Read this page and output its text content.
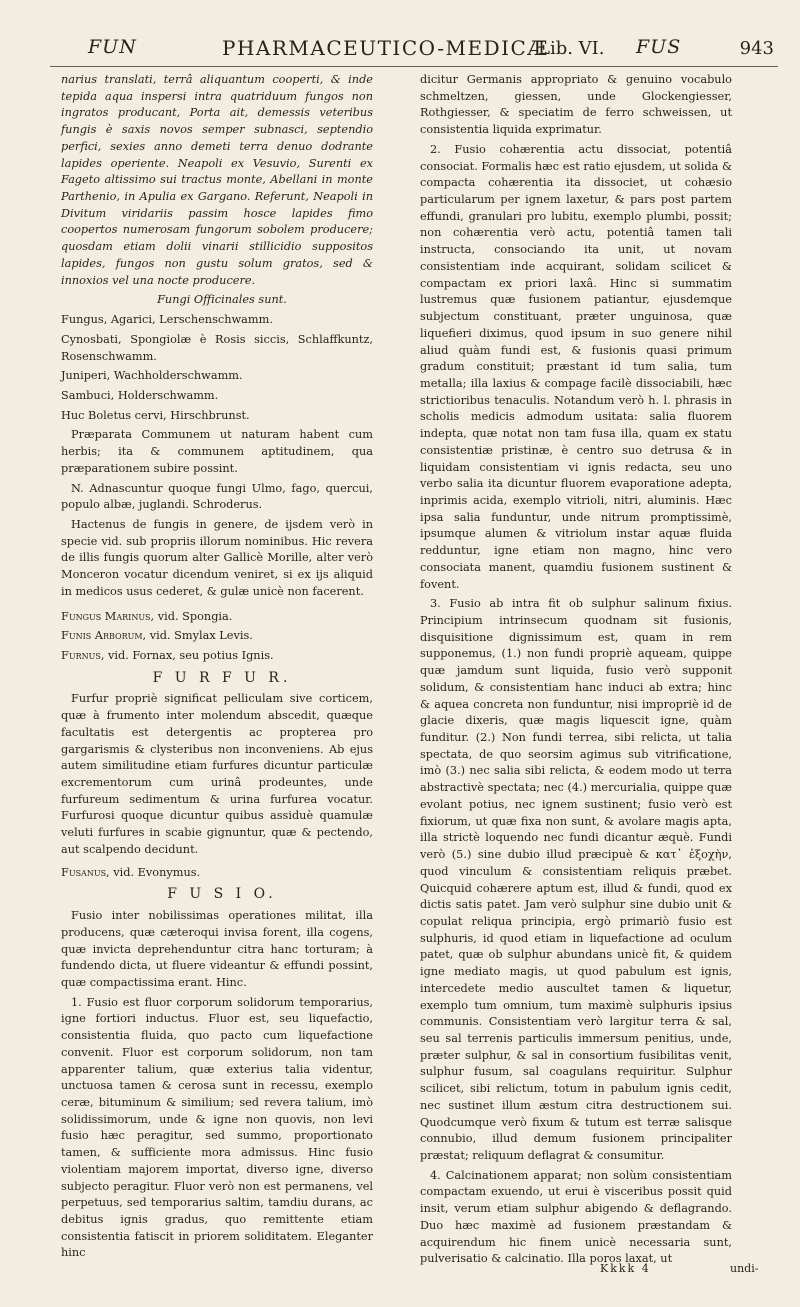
FUN	PHARMACEUTICO-MEDICÆ
Lib. VI. FUS	943

narius translati, terrâ aliquantum cooperti, & inde tepida aqua inspersi intra quatriduum fungos non ingratos producant, Porta ait, demessis veteribus fungis è saxis novos semper subnasci, septendio perfici, sexies anno demeti terra denuo dodrante lapides operiente. Neapoli ex Vesuvio, Surenti ex Fageto altissimo sui tractus monte, Abellani in monte Parthenio, in Apulia ex Gargano. Referunt, Neapoli in Divitum viridariis passim hosce lapides fimo coopertos numerosam fungorum sobolem producere; quosdam etiam dolii vinarii stillicidio suppositos lapides, fungos non gustu solum gratos, sed & innoxios vel una nocte producere.

Fungi Officinales sunt.

Fungus, Agarici, Lerschenschwamm.

Cynosbati, Spongiolæ è Rosis siccis, Schlaffkuntz, Rosenschwamm.

Juniperi, Wachholderschwamm.

Sambuci, Holderschwamm.

Huc Boletus cervi, Hirschbrunst.

Præparata Communem ut naturam habent cum herbis; ita & communem aptitudinem, qua præparationem subire possint.

N. Adnascuntur quoque fungi Ulmo, fago, quercui, populo albæ, juglandi. Schroderus.

Hactenus de fungis in genere, de ijsdem verò in specie vid. sub propriis illorum nominibus. Hic revera de illis fungis quorum alter Gallicè Morille, alter verò Monceron vocatur dicendum veniret, si ex ijs aliquid in medicos usus cederet, & gulæ unicè non facerent.

Fungus Marinus, vid. Spongia.

Funis Arborum, vid. Smylax Levis.

Furnus, vid. Fornax, seu potius Ignis.

F U R F U R.

Furfur propriè significat pelliculam sive corticem, quæ à frumento inter molendum abscedit, quæque facultatis est detergentis ac propterea pro gargarismis & clysteribus non inconveniens. Ab ejus autem similitudine etiam furfures dicuntur particulæ excrementorum cum urinâ prodeuntes, unde furfureum sedimentum & urina furfurea vocatur. Furfurosi quoque dicuntur quibus assiduè quamulæ veluti furfures in scabie gignuntur, quæ & pectendo, aut scalpendo decidunt.

Fusanus, vid. Evonymus.

F U S I O.

Fusio inter nobilissimas operationes militat, illa producens, quæ cæteroqui invisa forent, illa cogens, quæ invicta deprehenduntur citra hanc torturam; à fundendo dicta, ut fluere videantur & effundi possint, quæ compactissima erant. Hinc.

1. Fusio est fluor corporum solidorum temporarius, igne fortiori inductus. Fluor est, seu liquefactio, consistentia fluida, quo pacto cum liquefactione convenit. Fluor est corporum solidorum, non tam apparenter talium, quæ exterius talia videntur, unctuosa tamen & cerosa sunt in recessu, exemplo ceræ, bituminum & similium; sed revera talium, imò solidissimorum, unde & igne non quovis, non levi fusio hæc peragitur, sed summo, proportionato tamen, & sufficiente mora admissus. Hinc fusio violentiam majorem importat, diverso igne, diverso subjecto peragitur. Fluor verò non est permanens, vel perpetuus, sed temporarius saltim, tamdiu durans, ac debitus ignis gradus, quo remittente etiam consistentia fatiscit in priorem soliditatem. Eleganter hinc

dicitur Germanis appropriato & genuino vocabulo schmeltzen, giessen, unde Glockengiesser, Rothgiesser, & speciatim de ferro schweissen, ut consistentia liquida exprimatur.

2. Fusio cohærentia actu dissociat, potentiâ consociat. Formalis hæc est ratio ejusdem, ut solida & compacta cohærentia ita dissociet, ut cohæsio particularum per ignem laxetur, & pars post partem effundi, granulari pro lubitu, exemplo plumbi, possit; non cohærentia verò actu, potentiâ tamen tali instructa, consociando ita unit, ut novam consistentiam inde acquirant, solidam scilicet & compactam ex priori laxâ. Hinc si summatim lustremus quæ fusionem patiantur, ejusdemque subjectum constituant, præter unguinosa, quæ liquefieri diximus, quod ipsum in suo genere nihil aliud quàm fundi est, & fusionis quasi primum gradum constituit; præstant id tum salia, tum metalla; illa laxius & compage facilè dissociabili, hæc strictioribus tenaculis. Notandum verò h. l. phrasis in scholis medicis admodum usitata: salia fluorem indepta, quæ notat non tam fusa illa, quam ex statu consistentiæ pristinæ, è centro suo detrusa & in liquidam consistentiam vi ignis redacta, seu uno verbo salia ita dicuntur fluorem evaporatione adepta, inprimis acida, exemplo vitrioli, nitri, aluminis. Hæc ipsa salia funduntur, unde nitrum promptissimè, ipsumque alumen & vitriolum instar aquæ fluida redduntur, igne etiam non magno, hinc vero consociata manent, quamdiu fusionem sustinent & fovent.

3. Fusio ab intra fit ob sulphur salinum fixius. Principium intrinsecum quodnam sit fusionis, disquisitione dignissimum est, quam in rem supponemus, (1.) non fundi propriè aqueam, quippe quæ jamdum sunt liquida, fusio verò supponit solidum, & consistentiam hanc induci ab extra; hinc & aquea concreta non funduntur, nisi impropriè id de glacie dixeris, quæ magis liquescit igne, quàm funditur. (2.) Non fundi terrea, sibi relicta, ut talia spectata, de quo seorsim agimus sub vitrificatione, imò (3.) nec salia sibi relicta, & eodem modo ut terra abstractivè spectata; nec (4.) mercurialia, quippe quæ evolant potius, nec ignem sustinent; fusio verò est fixiorum, ut quæ fixa non sunt, & avolare magis apta, illa strictè loquendo nec fundi dicantur æquè. Fundi verò (5.) sine dubio illud præcipuè & κατ᾽ ἐξοχὴν, quod vinculum & consistentiam reliquis præbet. Quicquid cohærere aptum est, illud & fundi, quod ex dictis satis patet. Jam verò sulphur sine dubio unit & copulat reliqua principia, ergò primariò fusio est sulphuris, id quod etiam in liquefactione ad oculum patet, quæ ob sulphur abundans unicè fit, & quidem igne mediato magis, ut quod pabulum est ignis, intercedete medio auscultet tamen & liquetur, exemplo tum omnium, tum maximè sulphuris ipsius communis. Consistentiam verò largitur terra & sal, seu sal terrenis particulis immersum penitius, unde, præter sulphur, & sal in consortium fusibilitas venit, sulphur fusum, sal coagulans requiritur. Sulphur scilicet, sibi relictum, totum in pabulum ignis cedit, nec sustinet illum æstum citra destructionem sui. Quodcumque verò fixum & tutum est terræ salisque connubio, illud demum fusionem principaliter præstat; reliquum deflagrat & consumitur.

4. Calcinationem apparat; non solùm consistentiam compactam exuendo, ut erui è visceribus possit quid insit, verum etiam sulphur abigendo & deflagrando. Duo hæc maximè ad fusionem præstandam & acquirendum hic finem unicè necessaria sunt, pulverisatio & calcinatio. Illa poros laxat, ut

Kkkk 4	undi-
